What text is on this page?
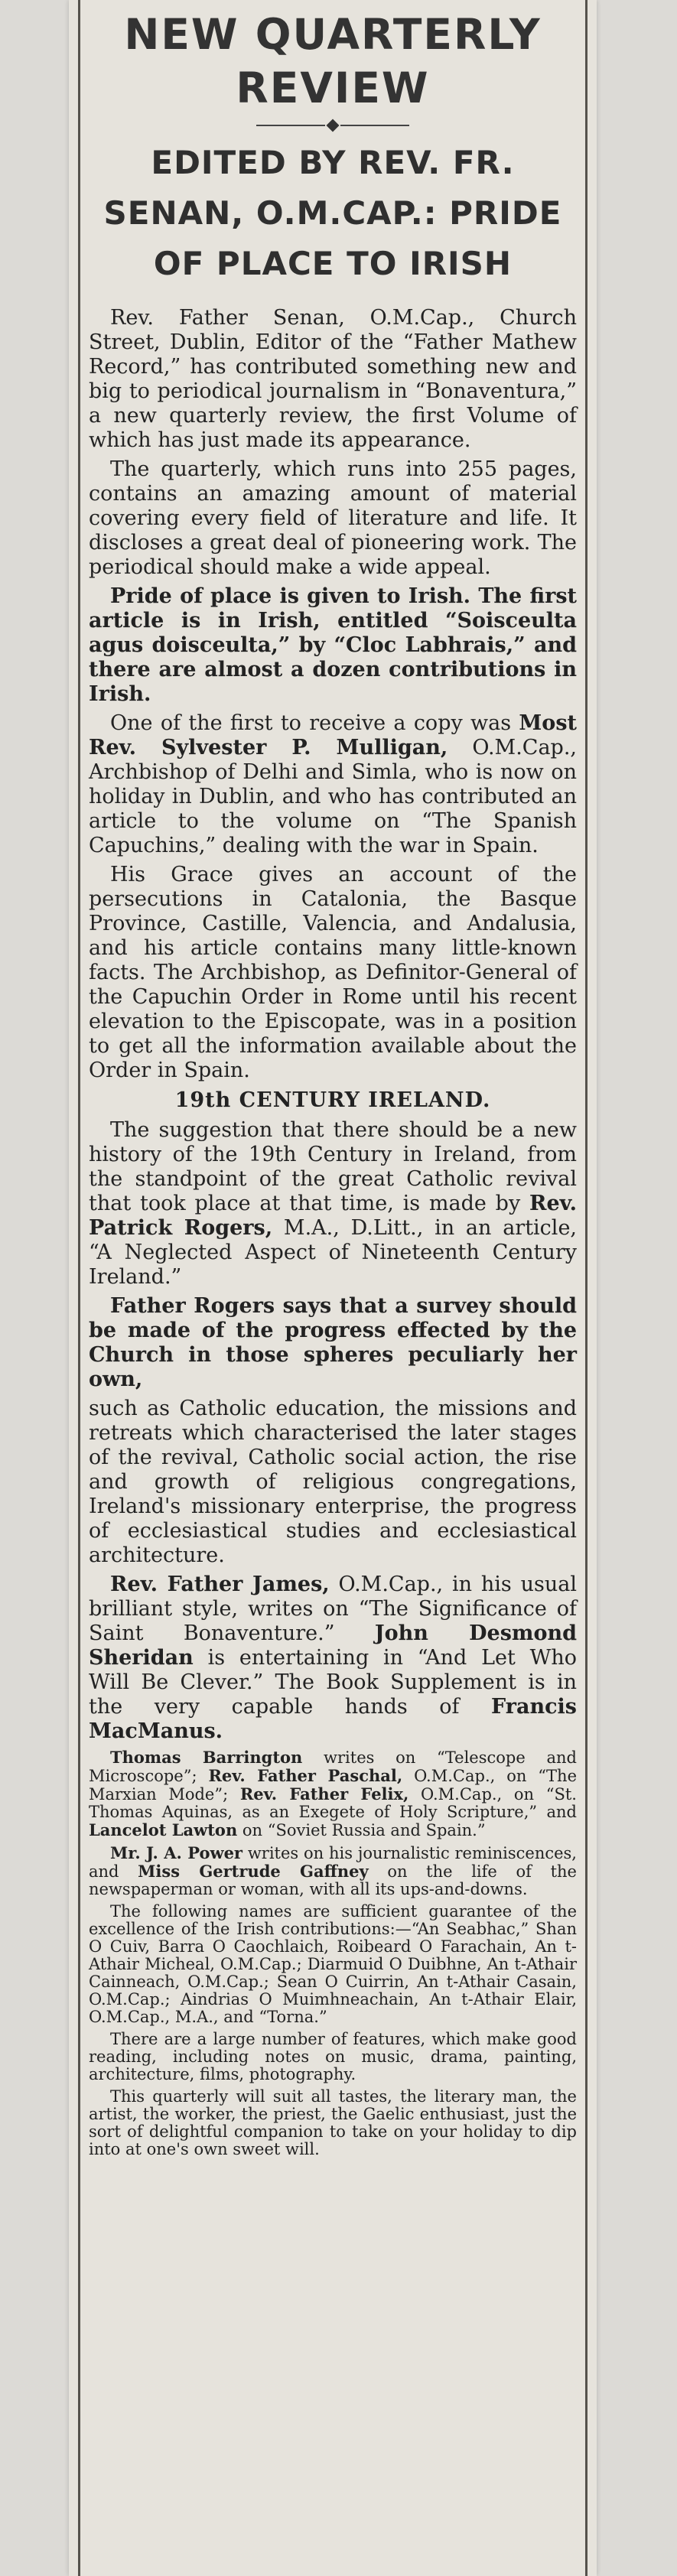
NEW QUARTERLY REVIEW
EDITED BY REV. FR. SENAN, O.M.CAP.: PRIDE OF PLACE TO IRISH

Rev. Father Senan, O.M.Cap., Church Street, Dublin, Editor of the “Father Mathew Record,” has contributed something new and big to periodical journalism in “Bonaventura,” a new quarterly review, the first Volume of which has just made its appearance.

The quarterly, which runs into 255 pages, contains an amazing amount of material covering every field of literature and life. It discloses a great deal of pioneering work. The periodical should make a wide appeal.

Pride of place is given to Irish. The first article is in Irish, entitled “Soisceulta agus doisceulta,” by “Cloc Labhrais,” and there are almost a dozen contributions in Irish.

One of the first to receive a copy was Most Rev. Sylvester P. Mulligan, O.M.Cap., Archbishop of Delhi and Simla, who is now on holiday in Dublin, and who has contributed an article to the volume on “The Spanish Capuchins,” dealing with the war in Spain.

His Grace gives an account of the persecutions in Catalonia, the Basque Province, Castille, Valencia, and Andalusia, and his article contains many little-known facts. The Archbishop, as Definitor-General of the Capuchin Order in Rome until his recent elevation to the Episcopate, was in a position to get all the information available about the Order in Spain.

19th CENTURY IRELAND.

The suggestion that there should be a new history of the 19th Century in Ireland, from the standpoint of the great Catholic revival that took place at that time, is made by Rev. Patrick Rogers, M.A., D.Litt., in an article, “A Neglected Aspect of Nineteenth Century Ireland.”

Father Rogers says that a survey should be made of the progress effected by the Church in those spheres peculiarly her own,

such as Catholic education, the missions and retreats which characterised the later stages of the revival, Catholic social action, the rise and growth of religious congregations, Ireland's missionary enterprise, the progress of ecclesiastical studies and ecclesiastical architecture.

Rev. Father James, O.M.Cap., in his usual brilliant style, writes on “The Significance of Saint Bonaventure.” John Desmond Sheridan is entertaining in “And Let Who Will Be Clever.” The Book Supplement is in the very capable hands of Francis MacManus.

Thomas Barrington writes on “Telescope and Microscope”; Rev. Father Paschal, O.M.Cap., on “The Marxian Mode”; Rev. Father Felix, O.M.Cap., on “St. Thomas Aquinas, as an Exegete of Holy Scripture,” and Lancelot Lawton on “Soviet Russia and Spain.”

Mr. J. A. Power writes on his journalistic reminiscences, and Miss Gertrude Gaffney on the life of the newspaperman or woman, with all its ups-and-downs.

The following names are sufficient guarantee of the excellence of the Irish contributions:—“An Seabhac,” Shan O Cuiv, Barra O Caochlaich, Roibeard O Farachain, An t-Athair Micheal, O.M.Cap.; Diarmuid O Duibhne, An t-Athair Cainneach, O.M.Cap.; Sean O Cuirrin, An t-Athair Casain, O.M.Cap.; Aindrias O Muimhneachain, An t-Athair Elair, O.M.Cap., M.A., and “Torna.”

There are a large number of features, which make good reading, including notes on music, drama, painting, architecture, films, photography.

This quarterly will suit all tastes, the literary man, the artist, the worker, the priest, the Gaelic enthusiast, just the sort of delightful companion to take on your holiday to dip into at one's own sweet will.
